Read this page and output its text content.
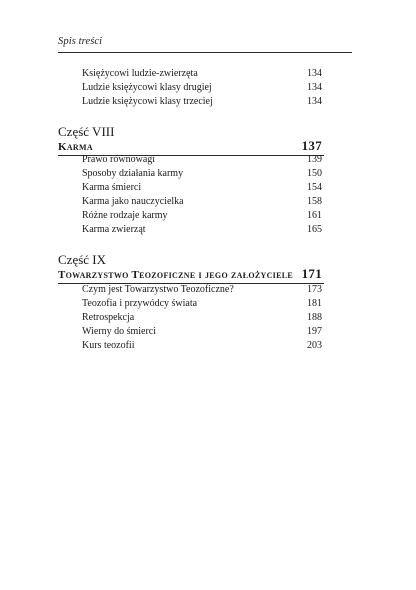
Spis treści
Księżycowi ludzie-zwierzęta	134
Ludzie księżycowi klasy drugiej	134
Ludzie księżycowi klasy trzeciej	134
Część VIII
Karma	137
Prawo równowagi	139
Sposoby działania karmy	150
Karma śmierci	154
Karma jako nauczycielka	158
Różne rodzaje karmy	161
Karma zwierząt	165
Część IX
Towarzystwo Teozoficzne i jego założyciele 171
Czym jest Towarzystwo Teozoficzne?	173
Teozofia i przywódcy świata	181
Retrospekcja	188
Wierny do śmierci	197
Kurs teozofii	203
